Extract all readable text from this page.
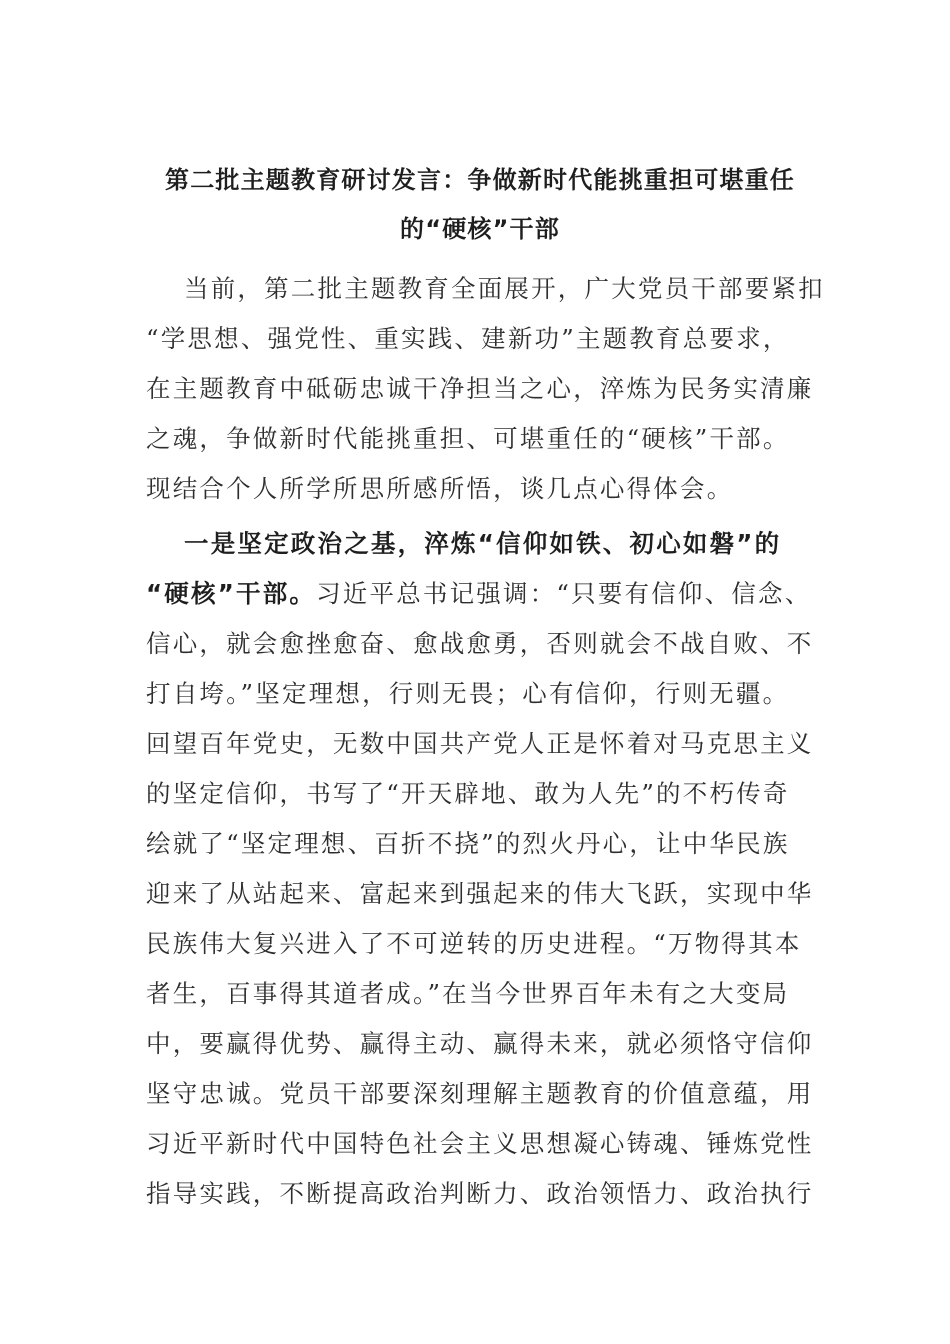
第二批主题教育研讨发言：争做新时代能挑重担可堪重任
的“硬核”干部
当前，第二批主题教育全面展开，广大党员干部要紧扣
“学思想、强党性、重实践、建新功”主题教育总要求，
在主题教育中砥砺忠诚干净担当之心，淬炼为民务实清廉
之魂，争做新时代能挑重担、可堪重任的“硬核”干部。
现结合个人所学所思所感所悟，谈几点心得体会。
一是坚定政治之基，淬炼“信仰如铁、初心如磐”的
“硬核”干部。习近平总书记强调：“只要有信仰、信念、
信心，就会愈挫愈奋、愈战愈勇，否则就会不战自败、不
打自垮。”坚定理想，行则无畏；心有信仰，行则无疆。
回望百年党史，无数中国共产党人正是怀着对马克思主义
的坚定信仰，书写了“开天辟地、敢为人先”的不朽传奇
绘就了“坚定理想、百折不挠”的烈火丹心，让中华民族
迎来了从站起来、富起来到强起来的伟大飞跃，实现中华
民族伟大复兴进入了不可逆转的历史进程。“万物得其本
者生，百事得其道者成。”在当今世界百年未有之大变局
中，要赢得优势、赢得主动、赢得未来，就必须恪守信仰
坚守忠诚。党员干部要深刻理解主题教育的价值意蕴，用
习近平新时代中国特色社会主义思想凝心铸魂、锤炼党性
指导实践，不断提高政治判断力、政治领悟力、政治执行
